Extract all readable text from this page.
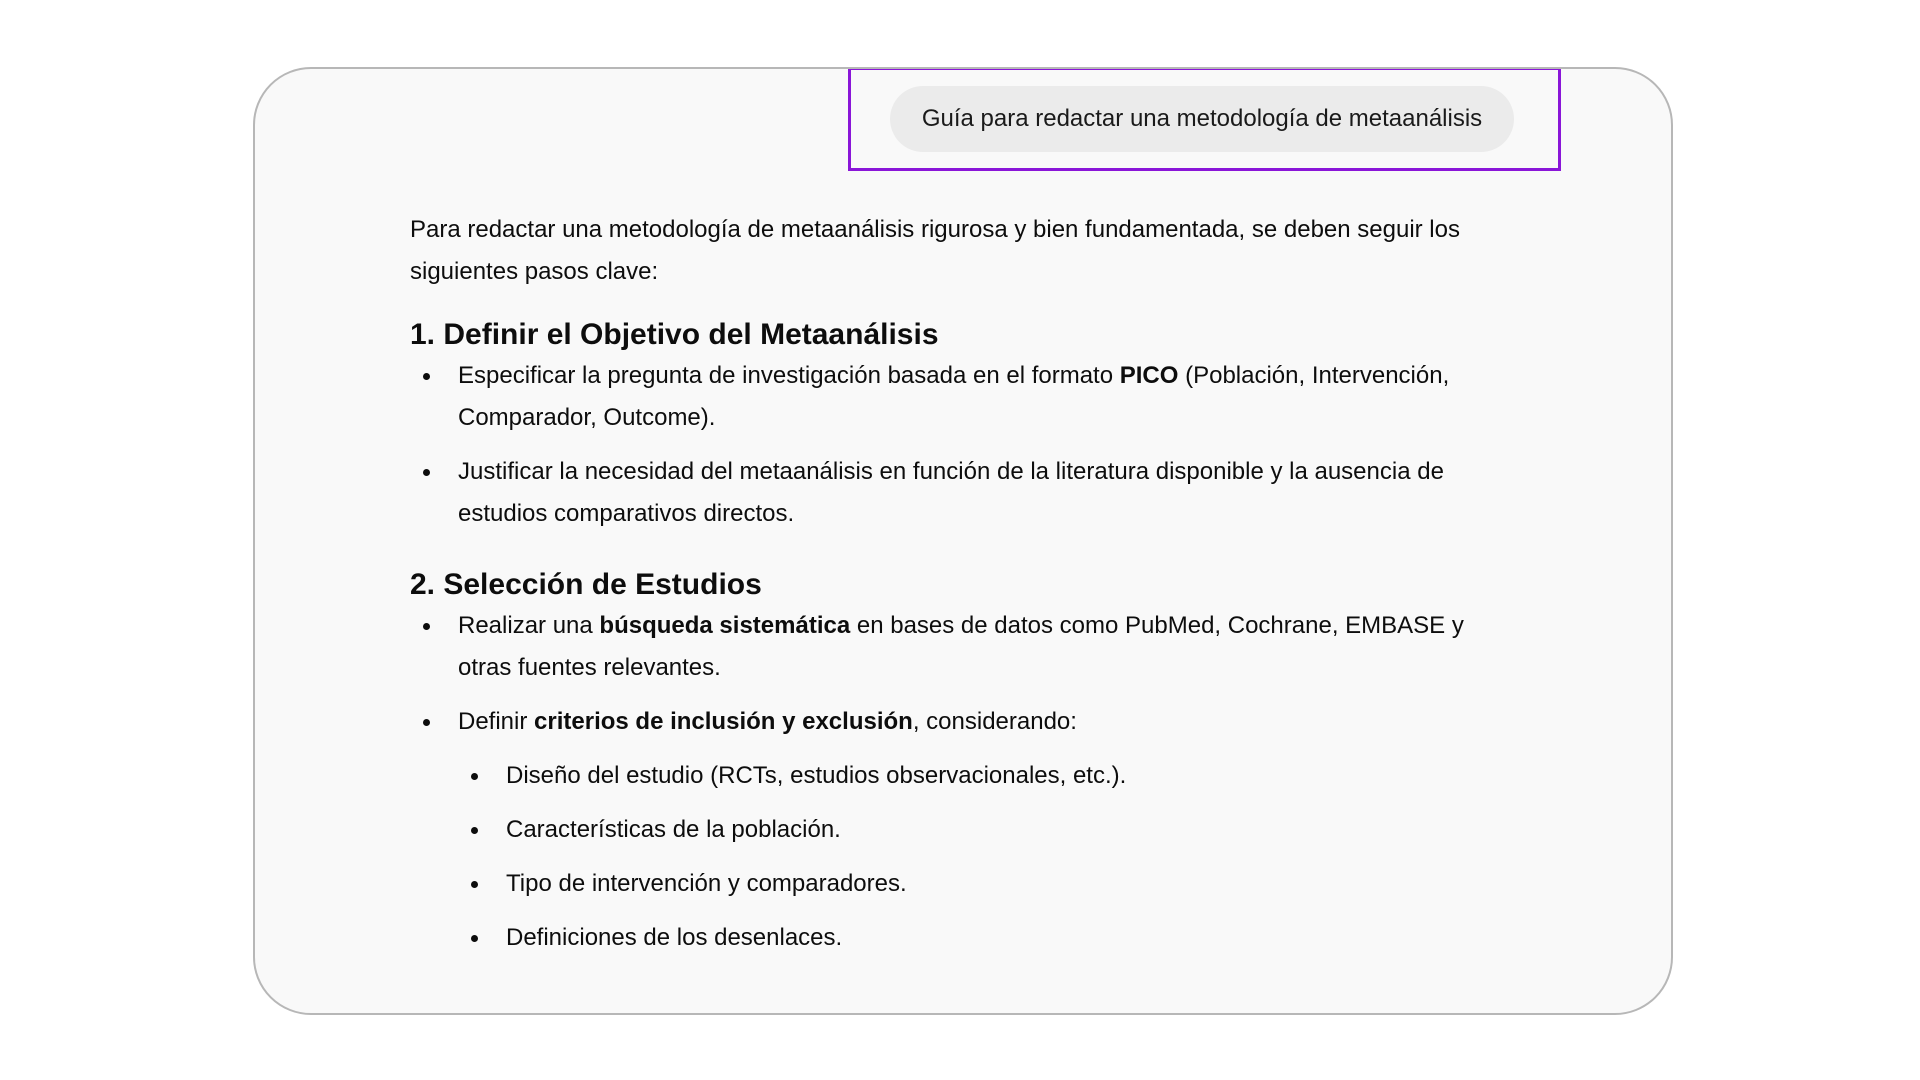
Guía para redactar una metodología de metaanálisis

Para redactar una metodología de metaanálisis rigurosa y bien fundamentada, se deben seguir los siguientes pasos clave:

1. Definir el Objetivo del Metaanálisis
Especificar la pregunta de investigación basada en el formato PICO (Población, Intervención, Comparador, Outcome).
Justificar la necesidad del metaanálisis en función de la literatura disponible y la ausencia de estudios comparativos directos.
2. Selección de Estudios
Realizar una búsqueda sistemática en bases de datos como PubMed, Cochrane, EMBASE y otras fuentes relevantes.
Definir criterios de inclusión y exclusión, considerando:
Diseño del estudio (RCTs, estudios observacionales, etc.).
Características de la población.
Tipo de intervención y comparadores.
Definiciones de los desenlaces.
